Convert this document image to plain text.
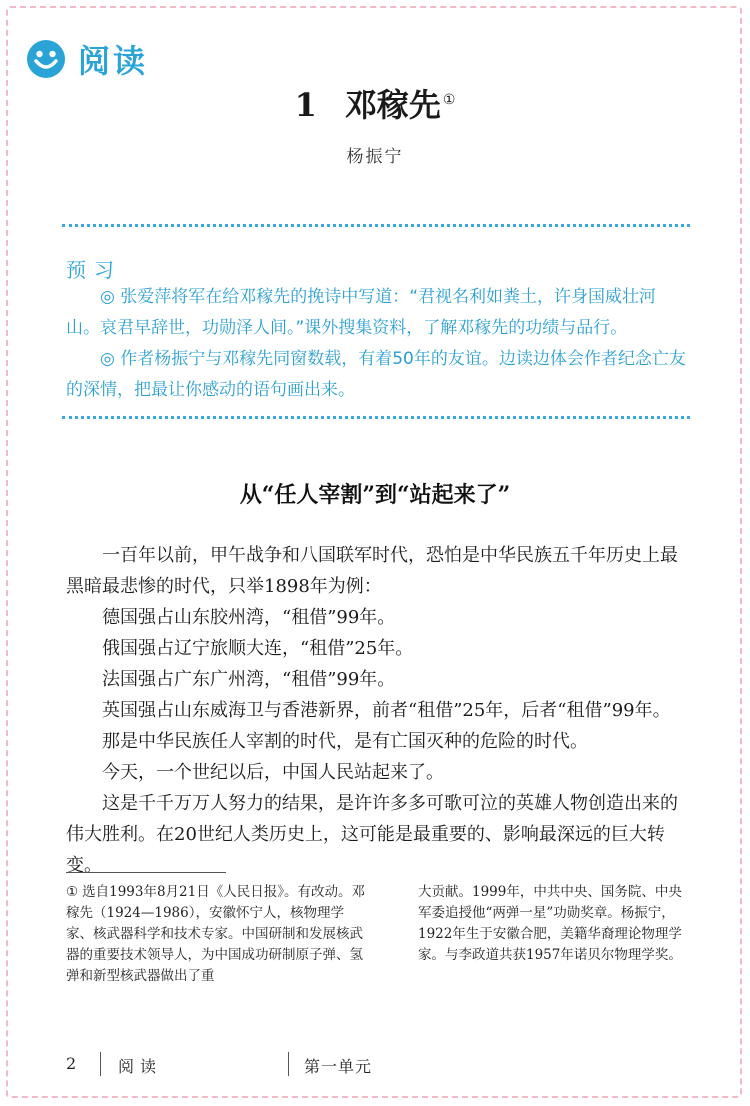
阅读
1 邓稼先 ①
杨振宁
预习

◎ 张爱萍将军在给邓稼先的挽诗中写道：“君视名利如粪土，许身国威壮河山。哀君早辞世，功勋泽人间。”课外搜集资料，了解邓稼先的功绩与品行。

◎ 作者杨振宁与邓稼先同窗数载，有着50年的友谊。边读边体会作者纪念亡友的深情，把最让你感动的语句画出来。

从“任人宰割”到“站起来了”

一百年以前，甲午战争和八国联军时代，恐怕是中华民族五千年历史上最黑暗最悲惨的时代，只举1898年为例：

德国强占山东胶州湾，“租借”99年。

俄国强占辽宁旅顺大连，“租借”25年。

法国强占广东广州湾，“租借”99年。

英国强占山东威海卫与香港新界，前者“租借”25年，后者“租借”99年。

那是中华民族任人宰割的时代，是有亡国灭种的危险的时代。

今天，一个世纪以后，中国人民站起来了。

这是千千万万人努力的结果，是许许多多可歌可泣的英雄人物创造出来的伟大胜利。在20世纪人类历史上，这可能是最重要的、影响最深远的巨大转变。

① 选自1993年8月21日《人民日报》。有改动。邓稼先（1924—1986），安徽怀宁人，核物理学家、核武器科学和技术专家。中国研制和发展核武器的重要技术领导人，为中国成功研制原子弹、氢弹和新型核武器做出了重

大贡献。1999年，中共中央、国务院、中央军委追授他“两弹一星”功勋奖章。杨振宁，1922年生于安徽合肥，美籍华裔理论物理学家。与李政道共获1957年诺贝尔物理学奖。

2	阅读	第一单元
